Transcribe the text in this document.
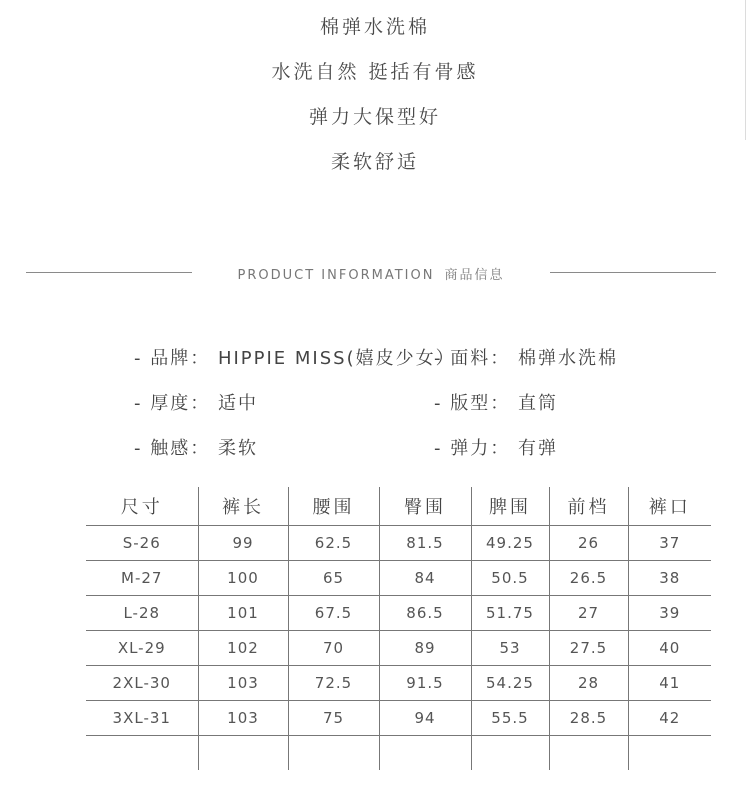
棉弹水洗棉
水洗自然 挺括有骨感
弹力大保型好
柔软舒适
PRODUCT INFORMATION 商品信息
- 品牌： HIPPIE MISS(嬉皮少女）
- 面料： 棉弹水洗棉
- 厚度： 适中	- 版型： 直筒
- 触感： 柔软	- 弹力： 有弹
尺寸	裤长	腰围	臀围	脾围	前档	裤口
S-26	99	62.5	81.5	49.25	26	37
M-27	100	65	84	50.5	26.5	38
L-28	101	67.5	86.5	51.75	27	39
XL-29	102	70	89	53	27.5	40
2XL-30	103	72.5	91.5	54.25	28	41
3XL-31	103	75	94	55.5	28.5	42
